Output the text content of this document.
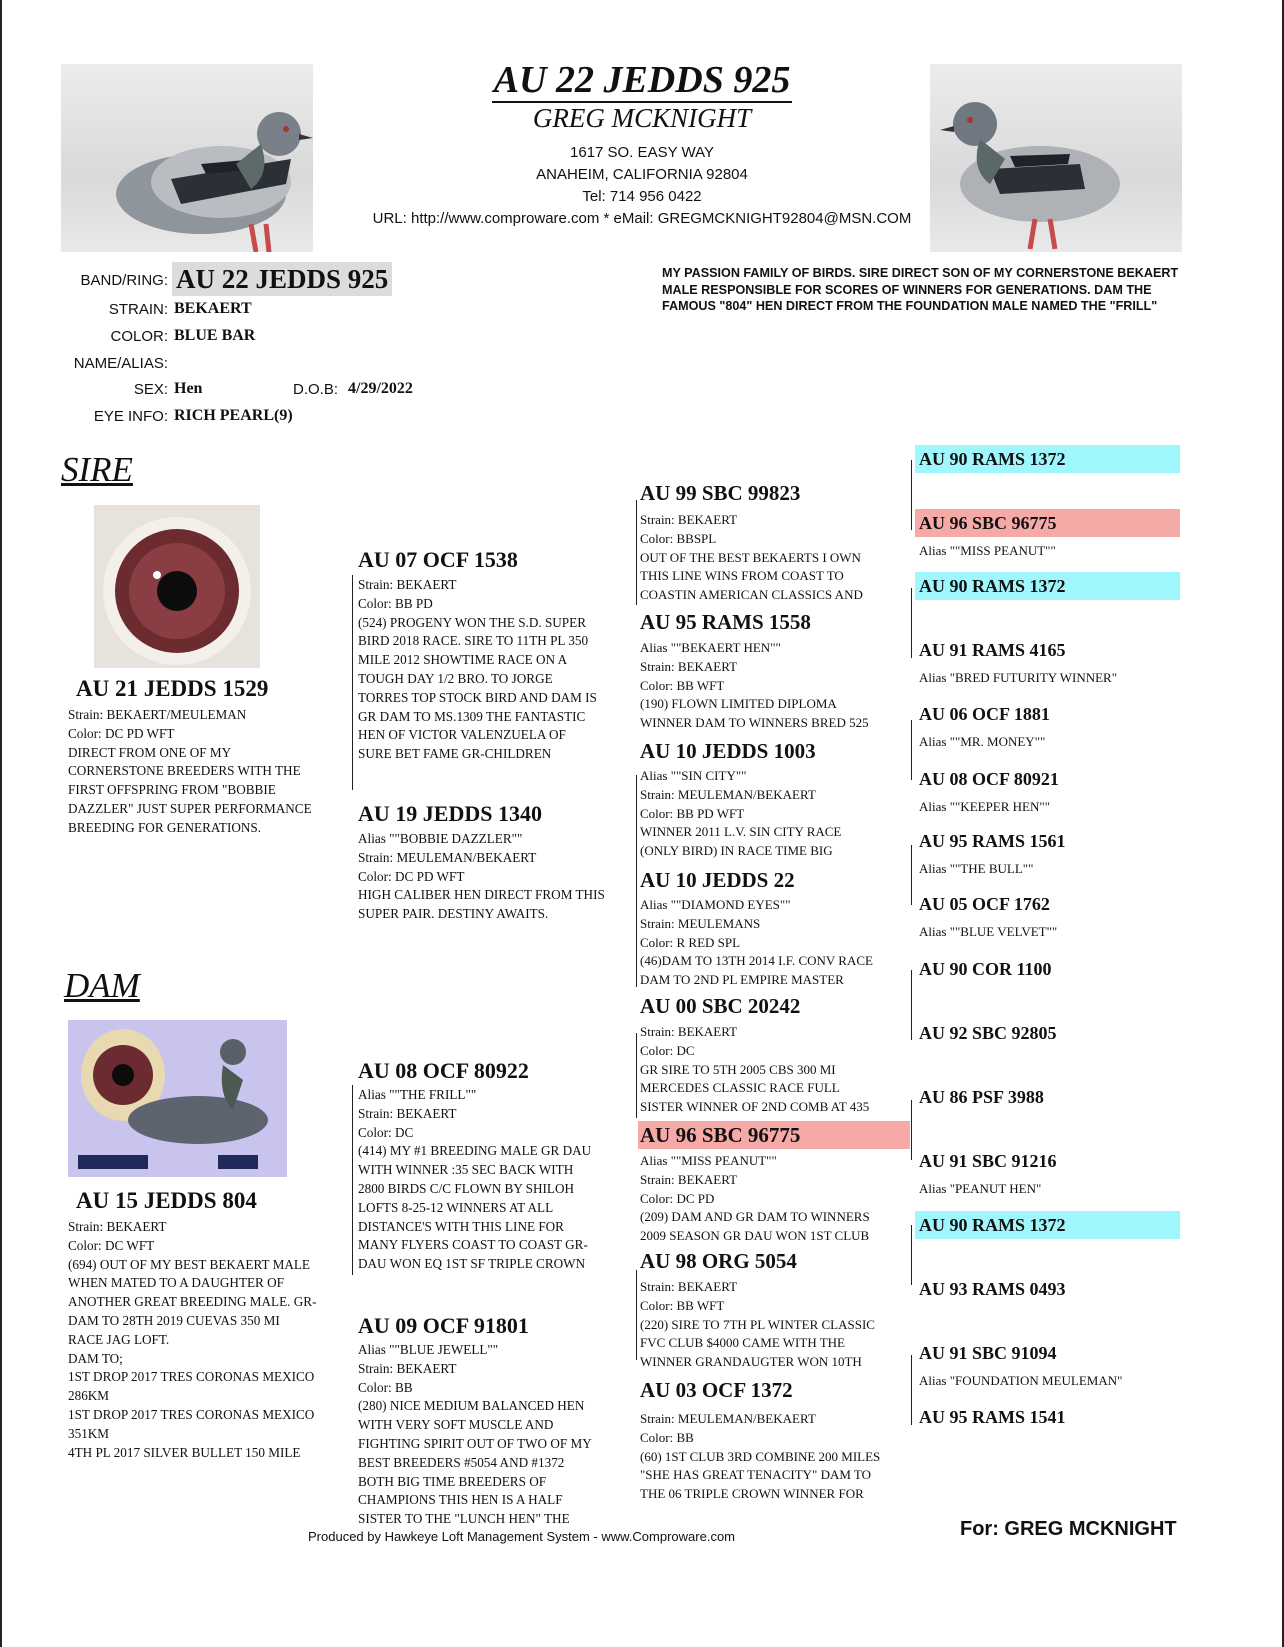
AU 22 JEDDS 925
GREG MCKNIGHT
1617 SO. EASY WAY
ANAHEIM, CALIFORNIA 92804
Tel: 714 956 0422
URL: http://www.comproware.com * eMail: GREGMCKNIGHT92804@MSN.COM
BAND/RING: AU 22 JEDDS 925
STRAIN: BEKAERT
COLOR: BLUE BAR
NAME/ALIAS:
SEX: Hen	D.O.B: 4/29/2022
EYE INFO: RICH PEARL(9)
MY PASSION FAMILY OF BIRDS. SIRE DIRECT SON OF MY CORNERSTONE BEKAERT MALE RESPONSIBLE FOR SCORES OF WINNERS FOR GENERATIONS. DAM THE FAMOUS "804" HEN DIRECT FROM THE FOUNDATION MALE NAMED THE "FRILL"
SIRE
AU 21 JEDDS 1529
Strain: BEKAERT/MEULEMAN
Color: DC PD WFT
DIRECT FROM ONE OF MY
CORNERSTONE BREEDERS WITH THE
FIRST OFFSPRING FROM "BOBBIE
DAZZLER" JUST SUPER PERFORMANCE
BREEDING FOR GENERATIONS.
DAM
AU 15 JEDDS 804
Strain: BEKAERT
Color: DC WFT
(694) OUT OF MY BEST BEKAERT MALE
WHEN MATED TO A DAUGHTER OF
ANOTHER GREAT BREEDING MALE. GR-
DAM TO 28TH 2019 CUEVAS 350 MI
RACE JAG LOFT.
DAM TO;
1ST DROP 2017 TRES CORONAS MEXICO
286KM
1ST DROP 2017 TRES CORONAS MEXICO
351KM
4TH PL 2017 SILVER BULLET 150 MILE
AU 07 OCF 1538
Strain: BEKAERT
Color: BB PD
(524) PROGENY WON THE S.D. SUPER
BIRD 2018 RACE. SIRE TO 11TH PL 350
MILE 2012 SHOWTIME RACE ON A
TOUGH DAY 1/2 BRO. TO JORGE
TORRES TOP STOCK BIRD AND DAM IS
GR DAM TO MS.1309 THE FANTASTIC
HEN OF VICTOR VALENZUELA OF
SURE BET FAME GR-CHILDREN
AU 19 JEDDS 1340
Alias ""BOBBIE DAZZLER""
Strain: MEULEMAN/BEKAERT
Color: DC PD WFT
HIGH CALIBER HEN DIRECT FROM THIS
SUPER PAIR. DESTINY AWAITS.
AU 08 OCF 80922
Alias ""THE FRILL""
Strain: BEKAERT
Color: DC
(414) MY #1 BREEDING MALE GR DAU
WITH WINNER :35 SEC BACK WITH
2800 BIRDS C/C FLOWN BY SHILOH
LOFTS 8-25-12 WINNERS AT ALL
DISTANCE'S WITH THIS LINE FOR
MANY FLYERS COAST TO COAST GR-
DAU WON EQ 1ST SF TRIPLE CROWN
AU 09 OCF 91801
Alias ""BLUE JEWELL""
Strain: BEKAERT
Color: BB
(280) NICE MEDIUM BALANCED HEN
WITH VERY SOFT MUSCLE AND
FIGHTING SPIRIT OUT OF TWO OF MY
BEST BREEDERS #5054 AND #1372
BOTH BIG TIME BREEDERS OF
CHAMPIONS THIS HEN IS A HALF
SISTER TO THE "LUNCH HEN" THE
AU 99 SBC 99823
Strain: BEKAERT
Color: BBSPL
OUT OF THE BEST BEKAERTS I OWN
THIS LINE WINS FROM COAST TO
COASTIN AMERICAN CLASSICS AND
AU 95 RAMS 1558
Alias ""BEKAERT HEN""
Strain: BEKAERT
Color: BB WFT
(190) FLOWN LIMITED DIPLOMA
WINNER DAM TO WINNERS BRED 525
AU 10 JEDDS 1003
Alias ""SIN CITY""
Strain: MEULEMAN/BEKAERT
Color: BB PD WFT
WINNER 2011 L.V. SIN CITY RACE
(ONLY BIRD) IN RACE TIME BIG
AU 10 JEDDS 22
Alias ""DIAMOND EYES""
Strain: MEULEMANS
Color: R RED SPL
(46)DAM TO 13TH 2014 I.F. CONV RACE
DAM TO 2ND PL EMPIRE MASTER
AU 00 SBC 20242
Strain: BEKAERT
Color: DC
GR SIRE TO 5TH 2005 CBS 300 MI
MERCEDES CLASSIC RACE FULL
SISTER WINNER OF 2ND COMB AT 435
AU 96 SBC 96775
Alias ""MISS PEANUT""
Strain: BEKAERT
Color: DC PD
(209) DAM AND GR DAM TO WINNERS
2009 SEASON GR DAU WON 1ST CLUB
AU 98 ORG 5054
Strain: BEKAERT
Color: BB WFT
(220) SIRE TO 7TH PL WINTER CLASSIC
FVC CLUB $4000 CAME WITH THE
WINNER GRANDAUGTER WON 10TH
AU 03 OCF 1372
Strain: MEULEMAN/BEKAERT
Color: BB
(60) 1ST CLUB 3RD COMBINE 200 MILES
"SHE HAS GREAT TENACITY" DAM TO
THE 06 TRIPLE CROWN WINNER FOR
AU 90 RAMS 1372
AU 96 SBC 96775
Alias ""MISS PEANUT""
AU 90 RAMS 1372
AU 91 RAMS 4165
Alias "BRED FUTURITY WINNER"
AU 06 OCF 1881
Alias ""MR. MONEY""
AU 08 OCF 80921
Alias ""KEEPER HEN""
AU 95 RAMS 1561
Alias ""THE BULL""
AU 05 OCF 1762
Alias ""BLUE VELVET""
AU 90 COR 1100
AU 92 SBC 92805
AU 86 PSF 3988
AU 91 SBC 91216
Alias "PEANUT HEN"
AU 90 RAMS 1372
AU 93 RAMS 0493
AU 91 SBC 91094
Alias "FOUNDATION MEULEMAN"
AU 95 RAMS 1541
Produced by Hawkeye Loft Management System - www.Comproware.com	For: GREG MCKNIGHT
